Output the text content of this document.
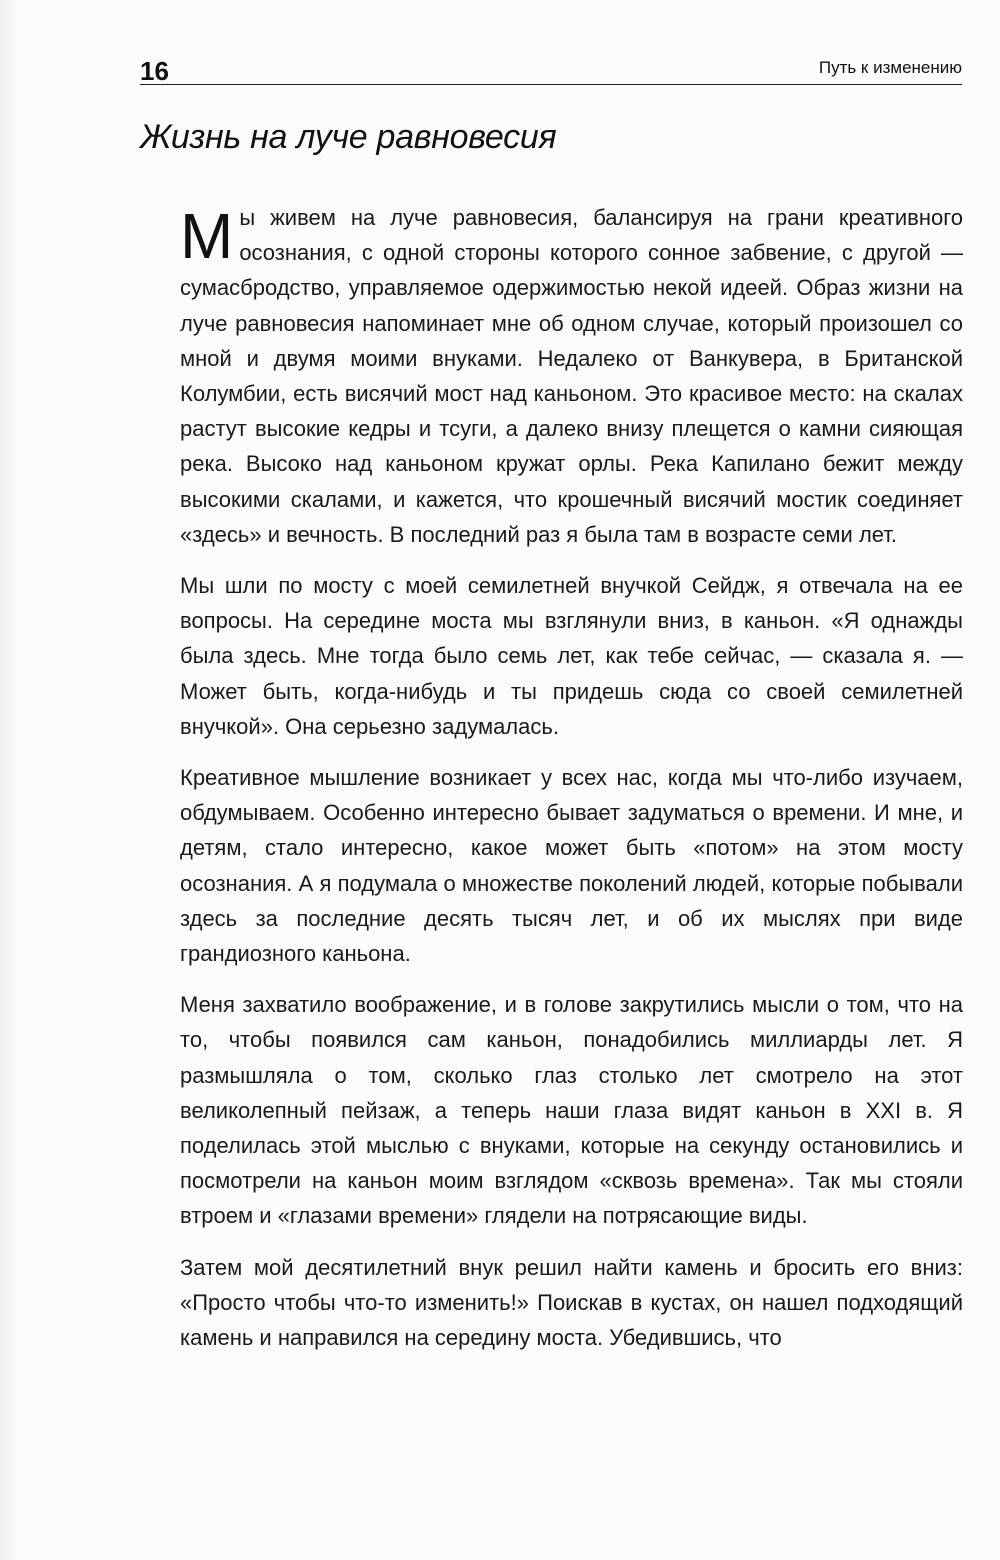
16	Путь к изменению
Жизнь на луче равновесия

Мы живем на луче равновесия, балансируя на грани креативного осознания, с одной стороны которого сонное забвение, с другой — сумасбродство, управляемое одержимостью некой идеей. Образ жизни на луче равновесия напоминает мне об одном случае, который произошел со мной и двумя моими внуками. Недалеко от Ванкувера, в Британской Колумбии, есть висячий мост над каньоном. Это красивое место: на скалах растут высокие кедры и тсуги, а далеко внизу плещется о камни сияющая река. Высоко над каньоном кружат орлы. Река Капилано бежит между высокими скалами, и кажется, что крошечный висячий мостик соединяет «здесь» и вечность. В последний раз я была там в возрасте семи лет.

Мы шли по мосту с моей семилетней внучкой Сейдж, я отвечала на ее вопросы. На середине моста мы взглянули вниз, в каньон. «Я однажды была здесь. Мне тогда было семь лет, как тебе сейчас, — сказала я. — Может быть, когда-нибудь и ты придешь сюда со своей семилетней внучкой». Она серьезно задумалась.

Креативное мышление возникает у всех нас, когда мы что-либо изучаем, обдумываем. Особенно интересно бывает задуматься о времени. И мне, и детям, стало интересно, какое может быть «потом» на этом мосту осознания. А я подумала о множестве поколений людей, которые побывали здесь за последние десять тысяч лет, и об их мыслях при виде грандиозного каньона.

Меня захватило воображение, и в голове закрутились мысли о том, что на то, чтобы появился сам каньон, понадобились миллиарды лет. Я размышляла о том, сколько глаз столько лет смотрело на этот великолепный пейзаж, а теперь наши глаза видят каньон в XXI в. Я поделилась этой мыслью с внуками, которые на секунду остановились и посмотрели на каньон моим взглядом «сквозь времена». Так мы стояли втроем и «глазами времени» глядели на потрясающие виды.

Затем мой десятилетний внук решил найти камень и бросить его вниз: «Просто чтобы что-то изменить!» Поискав в кустах, он нашел подходящий камень и направился на середину моста. Убедившись, что
